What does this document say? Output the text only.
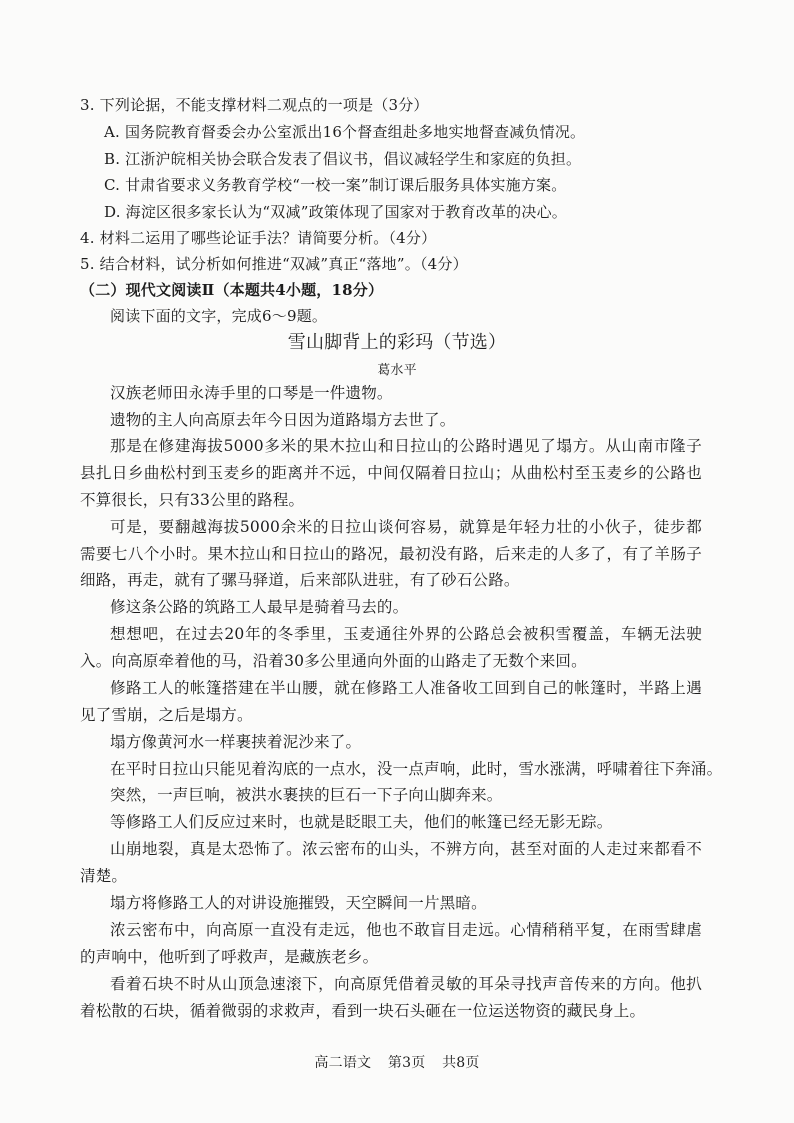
3. 下列论据，不能支撑材料二观点的一项是（3分）
A. 国务院教育督委会办公室派出16个督查组赴多地实地督查减负情况。
B. 江浙沪皖相关协会联合发表了倡议书，倡议减轻学生和家庭的负担。
C. 甘肃省要求义务教育学校“一校一案”制订课后服务具体实施方案。
D. 海淀区很多家长认为“双减”政策体现了国家对于教育改革的决心。
4. 材料二运用了哪些论证手法？请简要分析。（4分）
5. 结合材料，试分析如何推进“双减”真正“落地”。（4分）
（二）现代文阅读Ⅱ（本题共4小题，18分）
阅读下面的文字，完成6～9题。
雪山脚背上的彩玛（节选）
葛水平
汉族老师田永涛手里的口琴是一件遗物。
遗物的主人向高原去年今日因为道路塌方去世了。
那是在修建海拔5000多米的果木拉山和日拉山的公路时遇见了塌方。从山南市隆子
县扎日乡曲松村到玉麦乡的距离并不远，中间仅隔着日拉山；从曲松村至玉麦乡的公路也
不算很长，只有33公里的路程。
可是，要翻越海拔5000余米的日拉山谈何容易，就算是年轻力壮的小伙子，徒步都
需要七八个小时。果木拉山和日拉山的路况，最初没有路，后来走的人多了，有了羊肠子
细路，再走，就有了骡马驿道，后来部队进驻，有了砂石公路。
修这条公路的筑路工人最早是骑着马去的。
想想吧，在过去20年的冬季里，玉麦通往外界的公路总会被积雪覆盖，车辆无法驶
入。向高原牵着他的马，沿着30多公里通向外面的山路走了无数个来回。
修路工人的帐篷搭建在半山腰，就在修路工人准备收工回到自己的帐篷时，半路上遇
见了雪崩，之后是塌方。
塌方像黄河水一样裹挟着泥沙来了。
在平时日拉山只能见着沟底的一点水，没一点声响，此时，雪水涨满，呼啸着往下奔涌。
突然，一声巨响，被洪水裹挟的巨石一下子向山脚奔来。
等修路工人们反应过来时，也就是眨眼工夫，他们的帐篷已经无影无踪。
山崩地裂，真是太恐怖了。浓云密布的山头，不辨方向，甚至对面的人走过来都看不
清楚。
塌方将修路工人的对讲设施摧毁，天空瞬间一片黑暗。
浓云密布中，向高原一直没有走远，他也不敢盲目走远。心情稍稍平复，在雨雪肆虐
的声响中，他听到了呼救声，是藏族老乡。
看着石块不时从山顶急速滚下，向高原凭借着灵敏的耳朵寻找声音传来的方向。他扒
着松散的石块，循着微弱的求救声，看到一块石头砸在一位运送物资的藏民身上。
高二语文 第3页 共8页
